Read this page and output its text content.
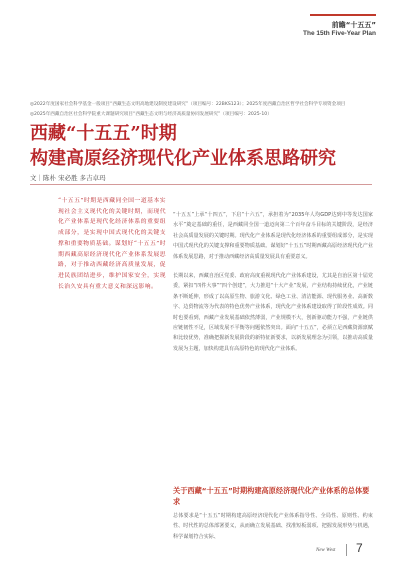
前瞻“十五五”
The 15th Five-Year Plan
◎2022年度国家社会科学基金一般项目“西藏生态文明高地建设制度建设研究”（项目编号：22BKS123）；2025年度西藏自治区哲学社会科学专项资金项目
◎2025年西藏自治区社会科学院重大课题研究项目“西藏生态文明与经济高质量协同发展研究”（项目编号：2025-10）
西藏“十五五”时期
构建高原经济现代化产业体系思路研究
文｜陈朴 宋必胜 多吉卓玛
“十五五”时期是西藏同全国一道基本实现社会主义现代化的关键时期，而现代化产业体系是现代化经济体系的重要组成部分，是实现中国式现代化的关键支撑和重要物质基础。谋划好“十五五”时期西藏高原经济现代化产业体系发展思路，对于推动西藏经济高质量发展，促进民族团结进步，维护国家安全，实现长治久安具有重大意义和深远影响。
“十五五”上承“十四五”，下启“十六五”，承担着为“2035年人均GDP达到中等发达国家水平”奠定基础的重任，是西藏同全国一道迈向第二个百年奋斗目标的关键阶段，是经济社会高质量发展的关键时期。现代化产业体系是现代化经济体系的重要组成部分，是实现中国式现代化的关键支撑和重要物质基础。谋划好“十五五”时期西藏高原经济现代化产业体系发展思路，对于推动西藏经济高质量发展具有重要意义。
长期以来，西藏自治区党委、政府高度重视现代化产业体系建设，尤其是自治区第十届党委，紧扣“四件大事”“四个创建”，大力推进“十大产业”发展，产业结构持续优化，产业链条不断延伸，形成了以高原生物、旅游文化、绿色工业、清洁能源、现代服务业、高新数字、边贸物流等为代表的特色优势产业体系，现代化产业体系建设取得了阶段性成效。同时也要看到，西藏产业发展基础依然薄弱，产业规模不大，创新驱动能力不强，产业链供应链韧性不足，区域发展不平衡等问题依然突出。面向“十五五”，必须立足西藏资源禀赋和比较优势，准确把握新发展阶段的新特征新要求，以新发展理念为引领，以推动高质量发展为主题，加快构建具有高原特色的现代化产业体系。
关于西藏“十五五”时期构建高原经济现代化产业体系的总体要求
总体要求是“十五五”时期构建高原经济现代化产业体系指导性、全局性、原则性、约束性、时代性的总体部署要义，从而确立发展基础、找准短板弱项、把握发展形势与机遇，科学谋划符合实际、
New West 7
